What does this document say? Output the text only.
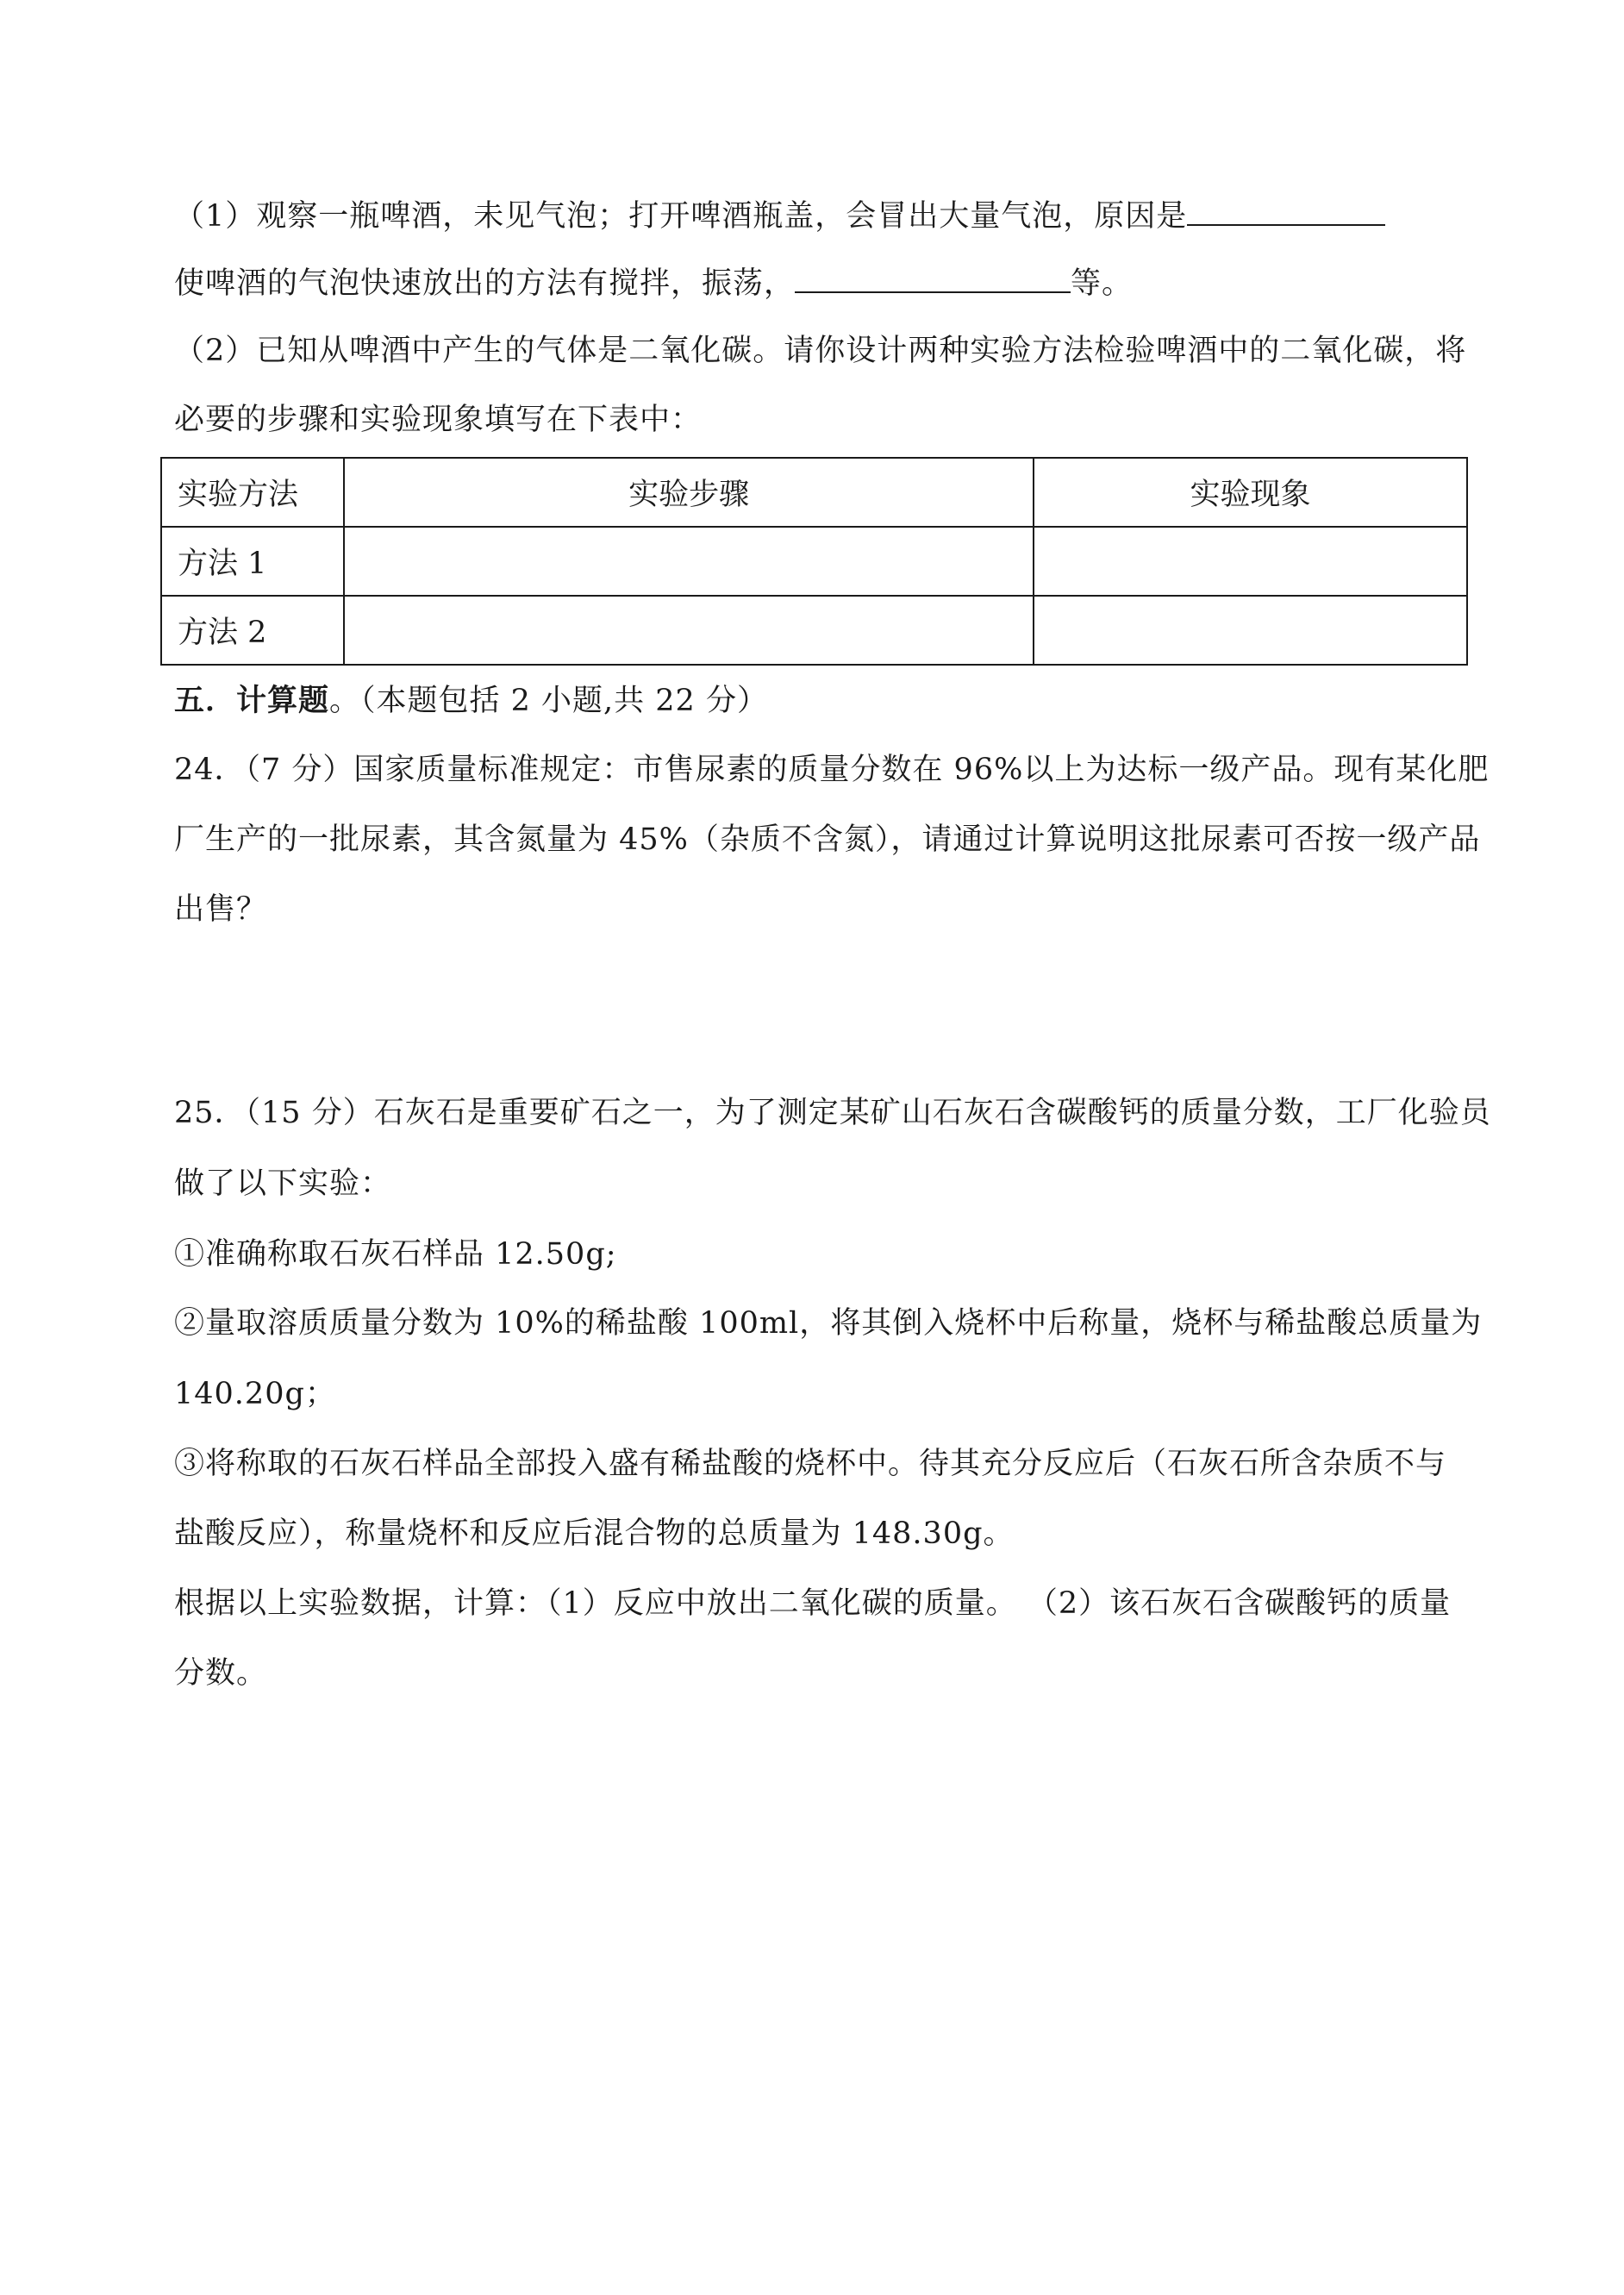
（1）观察一瓶啤酒，未见气泡；打开啤酒瓶盖，会冒出大量气泡，原因是
使啤酒的气泡快速放出的方法有搅拌，振荡，	等。
（2）已知从啤酒中产生的气体是二氧化碳。请你设计两种实验方法检验啤酒中的二氧化碳，将
必要的步骤和实验现象填写在下表中：
实验方法	实验步骤	实验现象
方法 1		
方法 2		
五．计算题。（本题包括 2 小题,共 22 分）
24．（7 分）国家质量标准规定：市售尿素的质量分数在 96%以上为达标一级产品。现有某化肥
厂生产的一批尿素，其含氮量为 45%（杂质不含氮），请通过计算说明这批尿素可否按一级产品
出售？
25．（15 分）石灰石是重要矿石之一，为了测定某矿山石灰石含碳酸钙的质量分数，工厂化验员
做了以下实验：
①准确称取石灰石样品 12.50g;
②量取溶质质量分数为 10%的稀盐酸 100ml，将其倒入烧杯中后称量，烧杯与稀盐酸总质量为
140.20g；
③将称取的石灰石样品全部投入盛有稀盐酸的烧杯中。待其充分反应后（石灰石所含杂质不与
盐酸反应），称量烧杯和反应后混合物的总质量为 148.30g。
根据以上实验数据，计算：（1）反应中放出二氧化碳的质量。 （2）该石灰石含碳酸钙的质量
分数。
